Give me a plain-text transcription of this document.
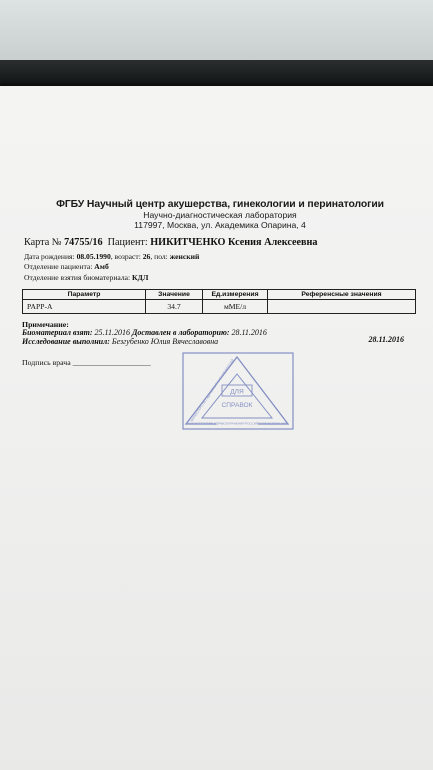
ФГБУ Научный центр акушерства, гинекологии и перинатологии
Научно-диагностическая лаборатория
117997, Москва, ул. Академика Опарина, 4
Карта № 74755/16 Пациент: НИКИТЧЕНКО Ксения Алексеевна
Дата рождения: 08.05.1990, возраст: 26, пол: женский
Отделение пациента: Амб
Отделение взятия биоматериала: КДЛ
Параметр	Значение	Ед.измерения	Референсные значения
PAPP-A	34.7	мМЕ/л	
Примечание:
Биоматериал взят: 25.11.2016 Доставлен в лабораторию: 28.11.2016
Исследование выполнил: Безгубенко Юлия Вячеславовна	28.11.2016
Подпись врача ____________________
ДЛЯ
СПРАВОК
МИНИСТЕРСТВО ЗДРАВООХРАНЕНИЯ РОССИЙ
МИНИСТЕРСТВО ЗДРАВООХРАНЕНИЯ РОССИЙСКОЙ ФЕДЕРАЦИИ
